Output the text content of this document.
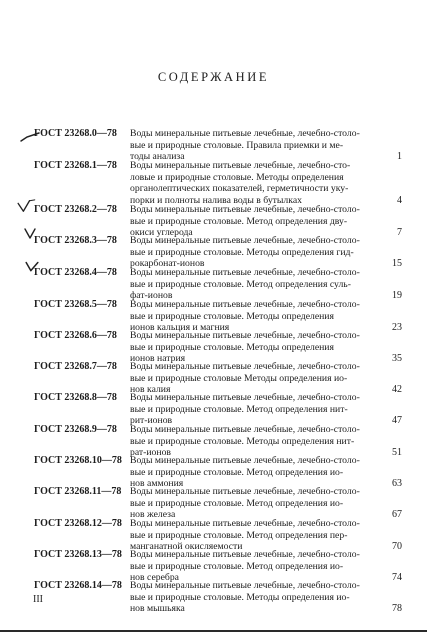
СОДЕРЖАНИЕ
ГОСТ 23268.0—78	Воды минеральные питьевые лечебные, лечебно-столо-
вые и природные столовые. Правила приемки и ме-
тоды анализа	1
ГОСТ 23268.1—78	Воды минеральные питьевые лечебные, лечебно-сто-
ловые и природные столовые. Методы определения
органолептических показателей, герметичности уку-
порки и полноты налива воды в бутылках	4
ГОСТ 23268.2—78	Воды минеральные питьевые лечебные, лечебно-столо-
вые и природные столовые. Метод определения дву-
окиси углерода	7
ГОСТ 23268.3—78	Воды минеральные питьевые лечебные, лечебно-столо-
вые и природные столовые. Методы определения гид-
рокарбонат-ионов	15
ГОСТ 23268.4—78	Воды минеральные питьевые лечебные, лечебно-столо-
вые и природные столовые. Метод определения суль-
фат-ионов	19
ГОСТ 23268.5—78	Воды минеральные питьевые лечебные, лечебно-столо-
вые и природные столовые. Методы определения
ионов кальция и магния	23
ГОСТ 23268.6—78	Воды минеральные питьевые лечебные, лечебно-столо-
вые и природные столовые. Методы определения
ионов натрия	35
ГОСТ 23268.7—78	Воды минеральные питьевые лечебные, лечебно-столо-
вые и природные столовые Методы определения ио-
нов калия	42
ГОСТ 23268.8—78	Воды минеральные питьевые лечебные, лечебно-столо-
вые и природные столовые. Метод определения нит-
рит-ионов	47
ГОСТ 23268.9—78	Воды минеральные питьевые лечебные, лечебно-столо-
вые и природные столовые. Методы определения нит-
рат-ионов	51
ГОСТ 23268.10—78 Воды минеральные питьевые лечебные, лечебно-столо-
вые и природные столовые. Метод определения ио-
нов аммония	63
ГОСТ 23268.11—78 Воды минеральные питьевые лечебные, лечебно-столо-
вые и природные столовые. Метод определения ио-
нов железа	67
ГОСТ 23268.12—78 Воды минеральные питьевые лечебные, лечебно-столо-
вые и природные столовые. Метод определения пер-
манганатной окисляемости	70
ГОСТ 23268.13—78 Воды минеральные питьевые лечебные, лечебно-столо-
вые и природные столовые. Метод определения ио-
нов серебра	74
ГОСТ 23268.14—78 Воды минеральные питьевые лечебные, лечебно-столо-
вые и природные столовые. Методы определения ио-
нов мышьяка	78
III
